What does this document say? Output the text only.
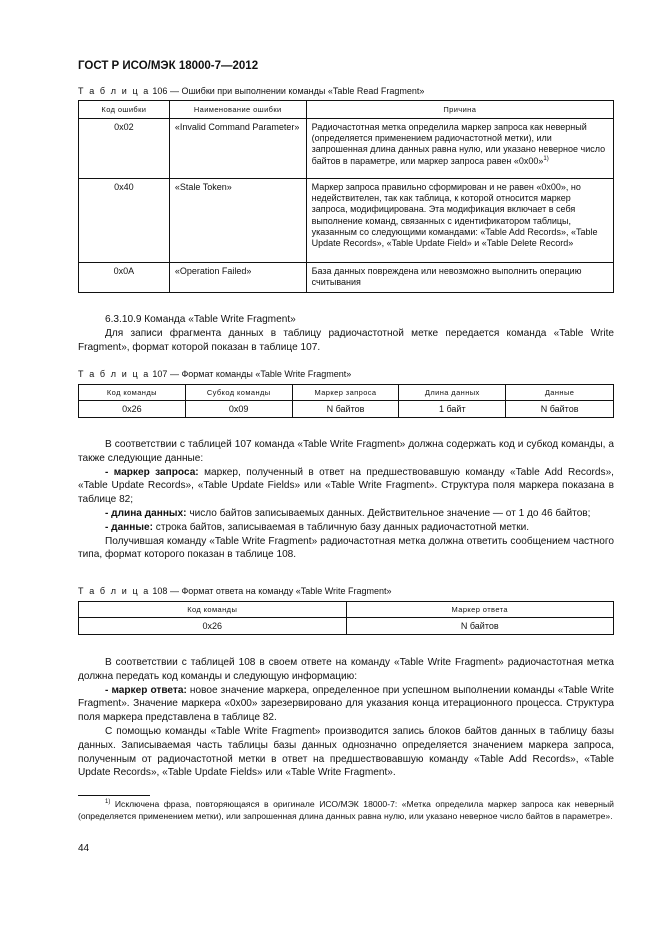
ГОСТ Р ИСО/МЭК 18000-7—2012
Т а б л и ц а 106 — Ошибки при выполнении команды «Table Read Fragment»
Код ошибки	Наименование ошибки	Причина
0x02	«Invalid Command Parameter»	Радиочастотная метка определила маркер запроса как неверный (определяется применением радиочастотной метки), или запрошенная длина данных равна нулю, или указано неверное число байтов в параметре, или маркер запроса равен «0x00»$^{1)}$
0x40	«Stale Token»	Маркер запроса правильно сформирован и не равен «0x00», но недействителен, так как таблица, к которой относится маркер запроса, модифицирована. Эта модификация включает в себя выполнение команд, связанных с идентификатором таблицы, указанным со следующими командами: «Table Add Records», «Table Update Records», «Table Update Field» и «Table Delete Record»
0x0A	«Operation Failed»	База данных повреждена или невозможно выполнить операцию считывания

6.3.10.9 Команда «Table Write Fragment»

Для записи фрагмента данных в таблицу радиочастотной метке передается команда «Table Write Fragment», формат которой показан в таблице 107.

Т а б л и ц а 107 — Формат команды «Table Write Fragment»
Код команды	Субкод команды	Маркер запроса	Длина данных	Данные
0x26	0x09	N байтов	1 байт	N байтов

В соответствии с таблицей 107 команда «Table Write Fragment» должна содержать код и субкод команды, а также следующие данные:

- маркер запроса: маркер, полученный в ответ на предшествовавшую команду «Table Add Records», «Table Update Records», «Table Update Fields» или «Table Write Fragment». Структура поля маркера показана в таблице 82;

- длина данных: число байтов записываемых данных. Действительное значение — от 1 до 46 байтов;

- данные: строка байтов, записываемая в табличную базу данных радиочастотной метки.

Получившая команду «Table Write Fragment» радиочастотная метка должна ответить сообщением частного типа, формат которого показан в таблице 108.

Т а б л и ц а 108 — Формат ответа на команду «Table Write Fragment»
Код команды	Маркер ответа
0x26	N байтов

В соответствии с таблицей 108 в своем ответе на команду «Table Write Fragment» радиочастотная метка должна передать код команды и следующую информацию:

- маркер ответа: новое значение маркера, определенное при успешном выполнении команды «Table Write Fragment». Значение маркера «0x00» зарезервировано для указания конца итерационного процесса. Структура поля маркера представлена в таблице 82.

С помощью команды «Table Write Fragment» производится запись блоков байтов данных в таблицу базы данных. Записываемая часть таблицы базы данных однозначно определяется значением маркера запроса, полученным от радиочастотной метки в ответ на предшествовавшую команду «Table Add Records», «Table Update Records», «Table Update Fields» или «Table Write Fragment».

$^{1)}$ Исключена фраза, повторяющаяся в оригинале ИСО/МЭК 18000-7: «Метка определила маркер запроса как неверный (определяется применением метки), или запрошенная длина данных равна нулю, или указано неверное число байтов в параметре».

44
